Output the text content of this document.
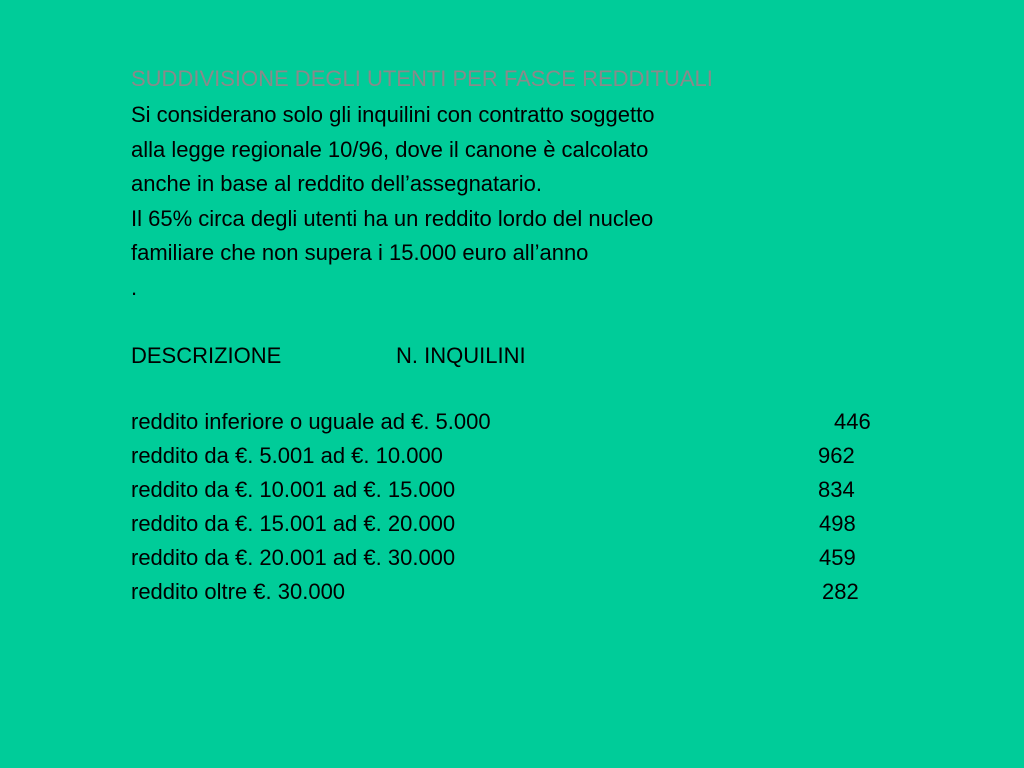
SUDDIVISIONE DEGLI UTENTI PER FASCE REDDITUALI
Si considerano solo gli inquilini con contratto soggetto
alla legge regionale 10/96, dove il canone è calcolato
anche in base al reddito dell’assegnatario.
Il 65% circa degli utenti ha un reddito lordo del nucleo
familiare che non supera i 15.000 euro all’anno
.
DESCRIZIONE	N. INQUILINI
reddito inferiore o uguale ad €. 5.000	446
reddito da €. 5.001 ad €. 10.000	962
reddito da €. 10.001 ad €. 15.000	834
reddito da €. 15.001 ad €. 20.000	498
reddito da €. 20.001 ad €. 30.000	459
reddito oltre €. 30.000	282
